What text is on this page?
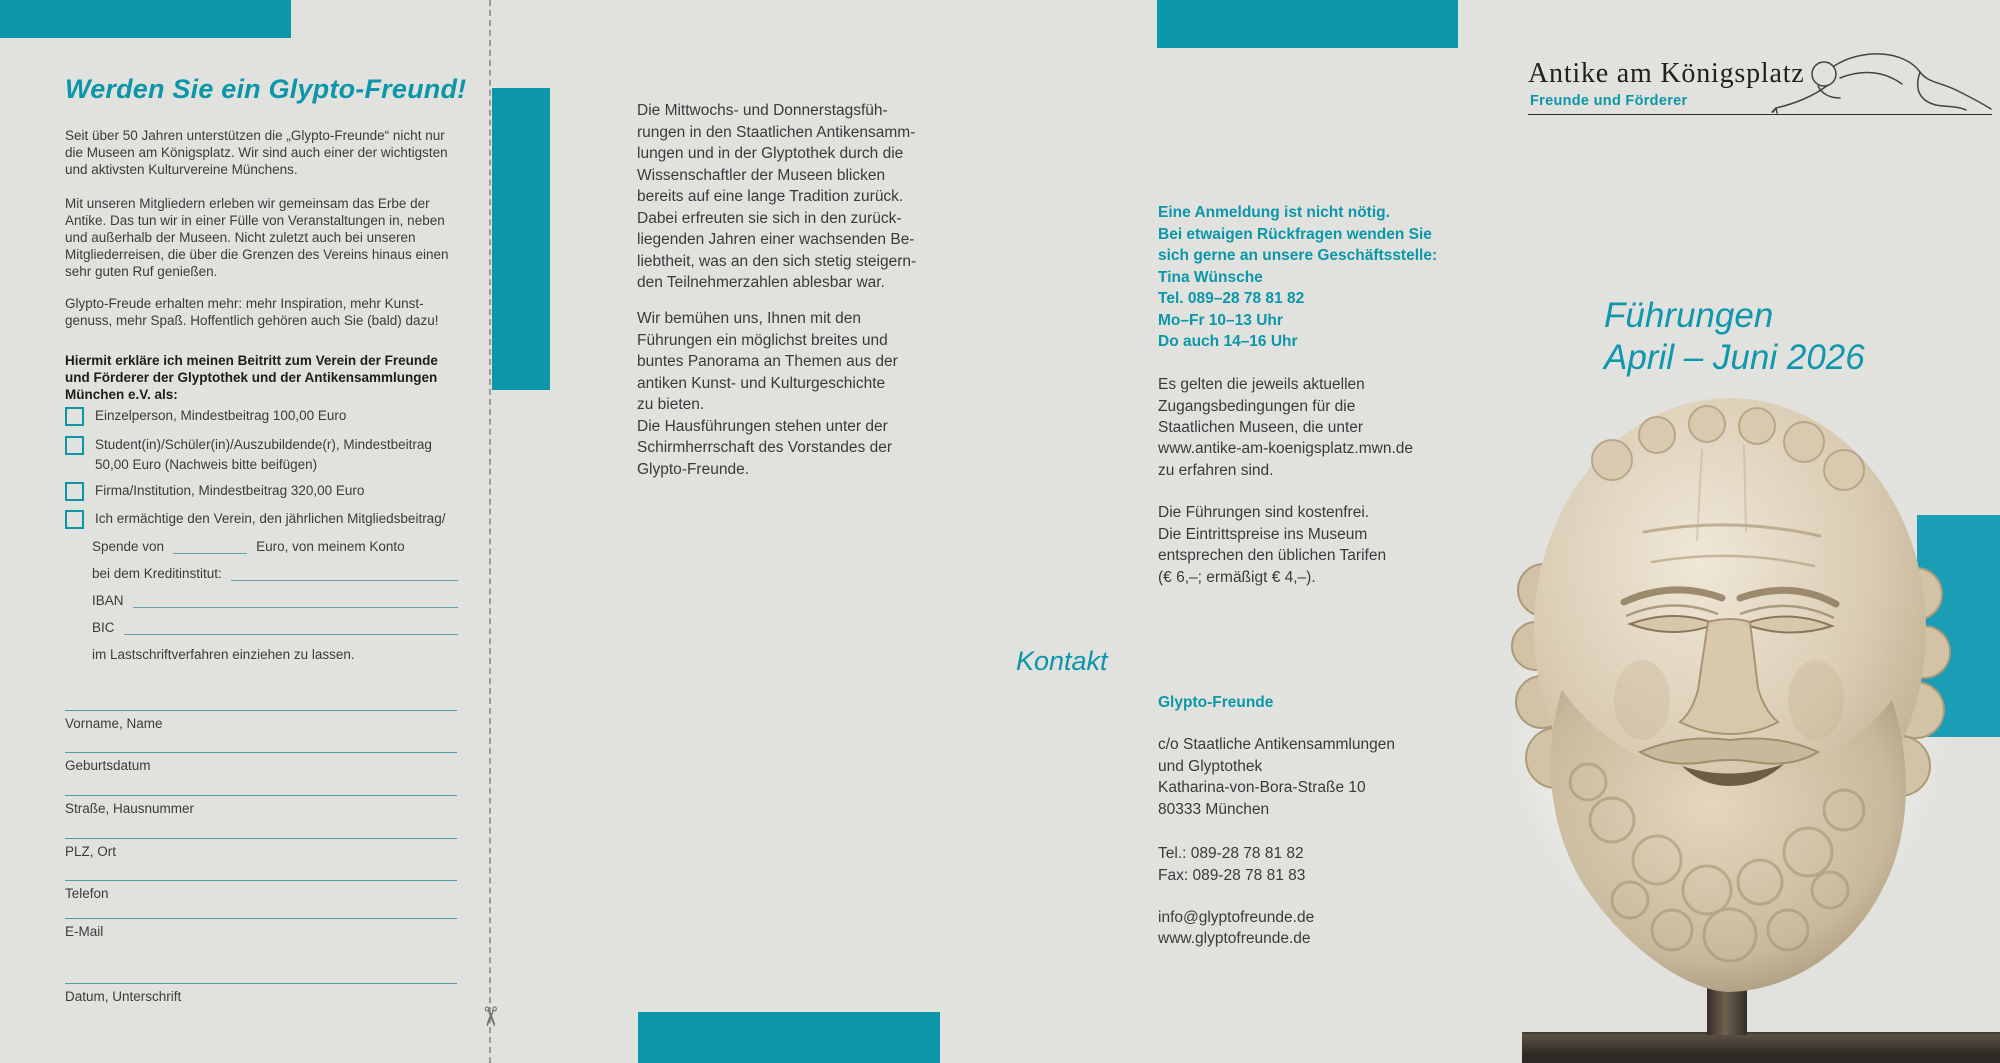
✂
Werden Sie ein Glypto-Freund!
Seit über 50 Jahren unterstützen die „Glypto-Freunde“ nicht nur
die Museen am Königsplatz. Wir sind auch einer der wichtigsten
und aktivsten Kulturvereine Münchens.
Mit unseren Mitgliedern erleben wir gemeinsam das Erbe der
Antike. Das tun wir in einer Fülle von Veranstaltungen in, neben
und außerhalb der Museen. Nicht zuletzt auch bei unseren
Mitgliederreisen, die über die Grenzen des Vereins hinaus einen
sehr guten Ruf genießen.
Glypto-Freude erhalten mehr: mehr Inspiration, mehr Kunst-
genuss, mehr Spaß. Hoffentlich gehören auch Sie (bald) dazu!
Hiermit erkläre ich meinen Beitritt zum Verein der Freunde
und Förderer der Glyptothek und der Antikensammlungen
München e.V. als:
Einzelperson, Mindestbeitrag 100,00 Euro
Student(in)/Schüler(in)/Auszubildende(r), Mindestbeitrag
50,00 Euro (Nachweis bitte beifügen)
Firma/Institution, Mindestbeitrag 320,00 Euro
Ich ermächtige den Verein, den jährlichen Mitgliedsbeitrag/
Spende von	Euro, von meinem Konto
bei dem Kreditinstitut:
IBAN
BIC
im Lastschriftverfahren einziehen zu lassen.
Vorname, Name
Geburtsdatum
Straße, Hausnummer
PLZ, Ort
Telefon
E-Mail
Datum, Unterschrift
Die Mittwochs- und Donnerstagsfüh-
rungen in den Staatlichen Antikensamm-
lungen und in der Glyptothek durch die
Wissenschaftler der Museen blicken
bereits auf eine lange Tradition zurück.
Dabei erfreuten sie sich in den zurück-
liegenden Jahren einer wachsenden Be-
liebtheit, was an den sich stetig steigern-
den Teilnehmerzahlen ablesbar war.
Wir bemühen uns, Ihnen mit den
Führungen ein möglichst breites und
buntes Panorama an Themen aus der
antiken Kunst- und Kulturgeschichte
zu bieten.
Die Hausführungen stehen unter der
Schirmherrschaft des Vorstandes der
Glypto-Freunde.
Eine Anmeldung ist nicht nötig.
Bei etwaigen Rückfragen wenden Sie
sich gerne an unsere Geschäftsstelle:
Tina Wünsche
Tel. 089–28 78 81 82
Mo–Fr 10–13 Uhr
Do auch 14–16 Uhr
Es gelten die jeweils aktuellen
Zugangsbedingungen für die
Staatlichen Museen, die unter
www.antike-am-koenigsplatz.mwn.de
zu erfahren sind.
Die Führungen sind kostenfrei.
Die Eintrittspreise ins Museum
entsprechen den üblichen Tarifen
(€ 6,–; ermäßigt € 4,–).
Kontakt
Glypto-Freunde
c/o Staatliche Antikensammlungen
und Glyptothek
Katharina-von-Bora-Straße 10
80333 München
Tel.: 089-28 78 81 82
Fax: 089-28 78 81 83
info@glyptofreunde.de
www.glyptofreunde.de
Antike am Königsplatz
Freunde und Förderer
Führungen
April – Juni 2026
